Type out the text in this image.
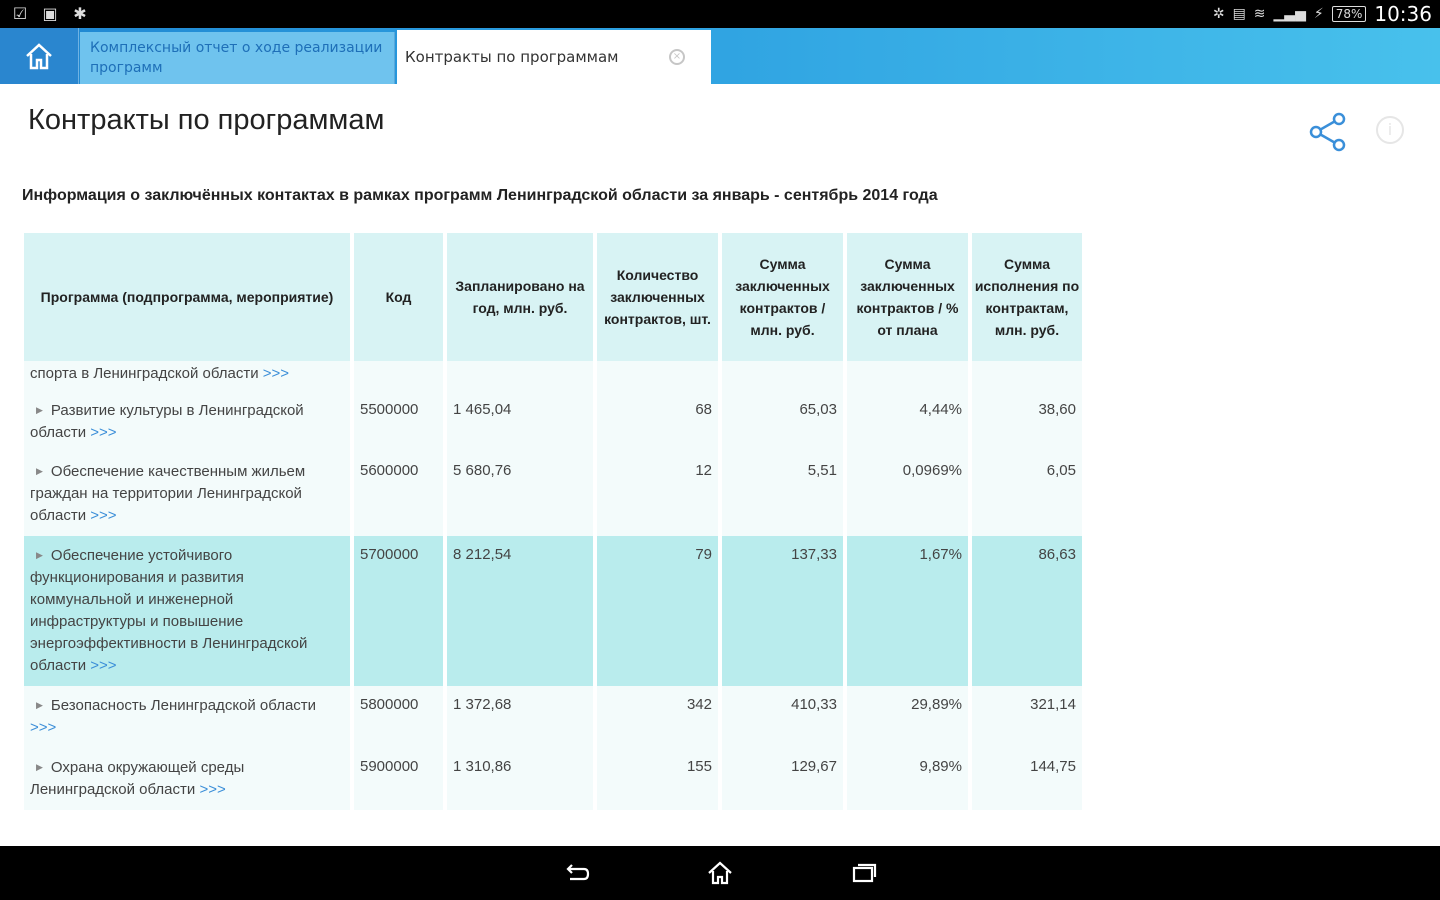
☑ ▣ ✱	✲ ▤ ≋ ▁▃▅ ⚡	78% 10:36
Комплексный отчет о ходе реализации программ
Контракты по программам	×
Контракты по программам	i
Информация о заключённых контактах в рамках программ Ленинградской области за январь - сентябрь 2014 года
Программа (подпрограмма, мероприятие)	Код	Запланировано на год, млн. руб.	Количество заключенных контрактов, шт.	Сумма заключенных контрактов / млн. руб.	Сумма заключенных контрактов / % от плана	Сумма исполнения по контрактам, млн. руб.
спорта в Ленинградской области >>>						
▶ Развитие культуры в Ленинградской области >>>	5500000	1 465,04	68	65,03	4,44%	38,60
▶ Обеспечение качественным жильем граждан на территории Ленинградской области >>>	5600000	5 680,76	12	5,51	0,0969%	6,05
▶ Обеспечение устойчивого функционирования и развития коммунальной и инженерной инфраструктуры и повышение энергоэффективности в Ленинградской области >>>	5700000	8 212,54	79	137,33	1,67%	86,63
▶ Безопасность Ленинградской области >>>	5800000	1 372,68	342	410,33	29,89%	321,14
▶ Охрана окружающей среды Ленинградской области >>>	5900000	1 310,86	155	129,67	9,89%	144,75
